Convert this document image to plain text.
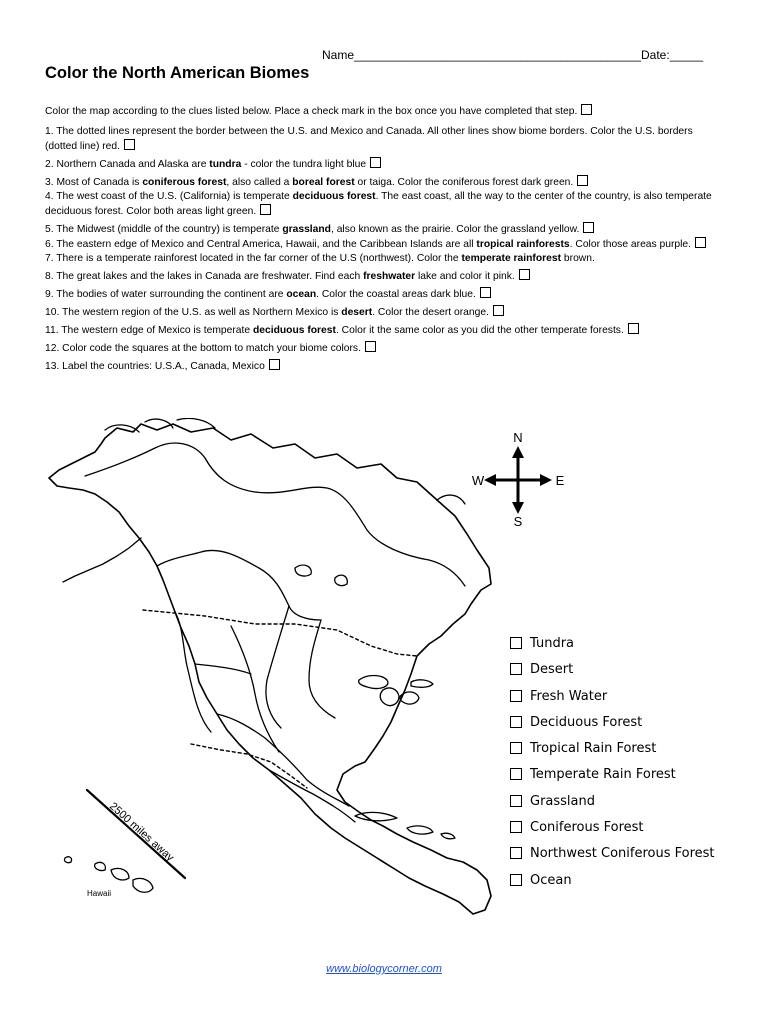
Name___________________________________________Date:_____
Color the North American Biomes

Color the map according to the clues listed below. Place a check mark in the box once you have completed that step.

1. The dotted lines represent the border between the U.S. and Mexico and Canada. All other lines show biome borders. Color the U.S. borders (dotted line) red.

2. Northern Canada and Alaska are tundra - color the tundra light blue

3. Most of Canada is coniferous forest, also called a boreal forest or taiga. Color the coniferous forest dark green.

4. The west coast of the U.S. (California) is temperate deciduous forest. The east coast, all the way to the center of the country, is also temperate deciduous forest. Color both areas light green.

5. The Midwest (middle of the country) is temperate grassland, also known as the prairie. Color the grassland yellow.

6. The eastern edge of Mexico and Central America, Hawaii, and the Caribbean Islands are all tropical rainforests. Color those areas purple.

7. There is a temperate rainforest located in the far corner of the U.S (northwest). Color the temperate rainforest brown.

8. The great lakes and the lakes in Canada are freshwater. Find each freshwater lake and color it pink.

9. The bodies of water surrounding the continent are ocean. Color the coastal areas dark blue.

10. The western region of the U.S. as well as Northern Mexico is desert. Color the desert orange.

11. The western edge of Mexico is temperate deciduous forest. Color it the same color as you did the other temperate forests.

12. Color code the squares at the bottom to match your biome colors.

13. Label the countries: U.S.A., Canada, Mexico

2500 miles away
Hawaii
N
S
W	E
Tundra
Desert
Fresh Water
Deciduous Forest
Tropical Rain Forest
Temperate Rain Forest
Grassland
Coniferous Forest
Northwest Coniferous Forest
Ocean
www.biologycorner.com
